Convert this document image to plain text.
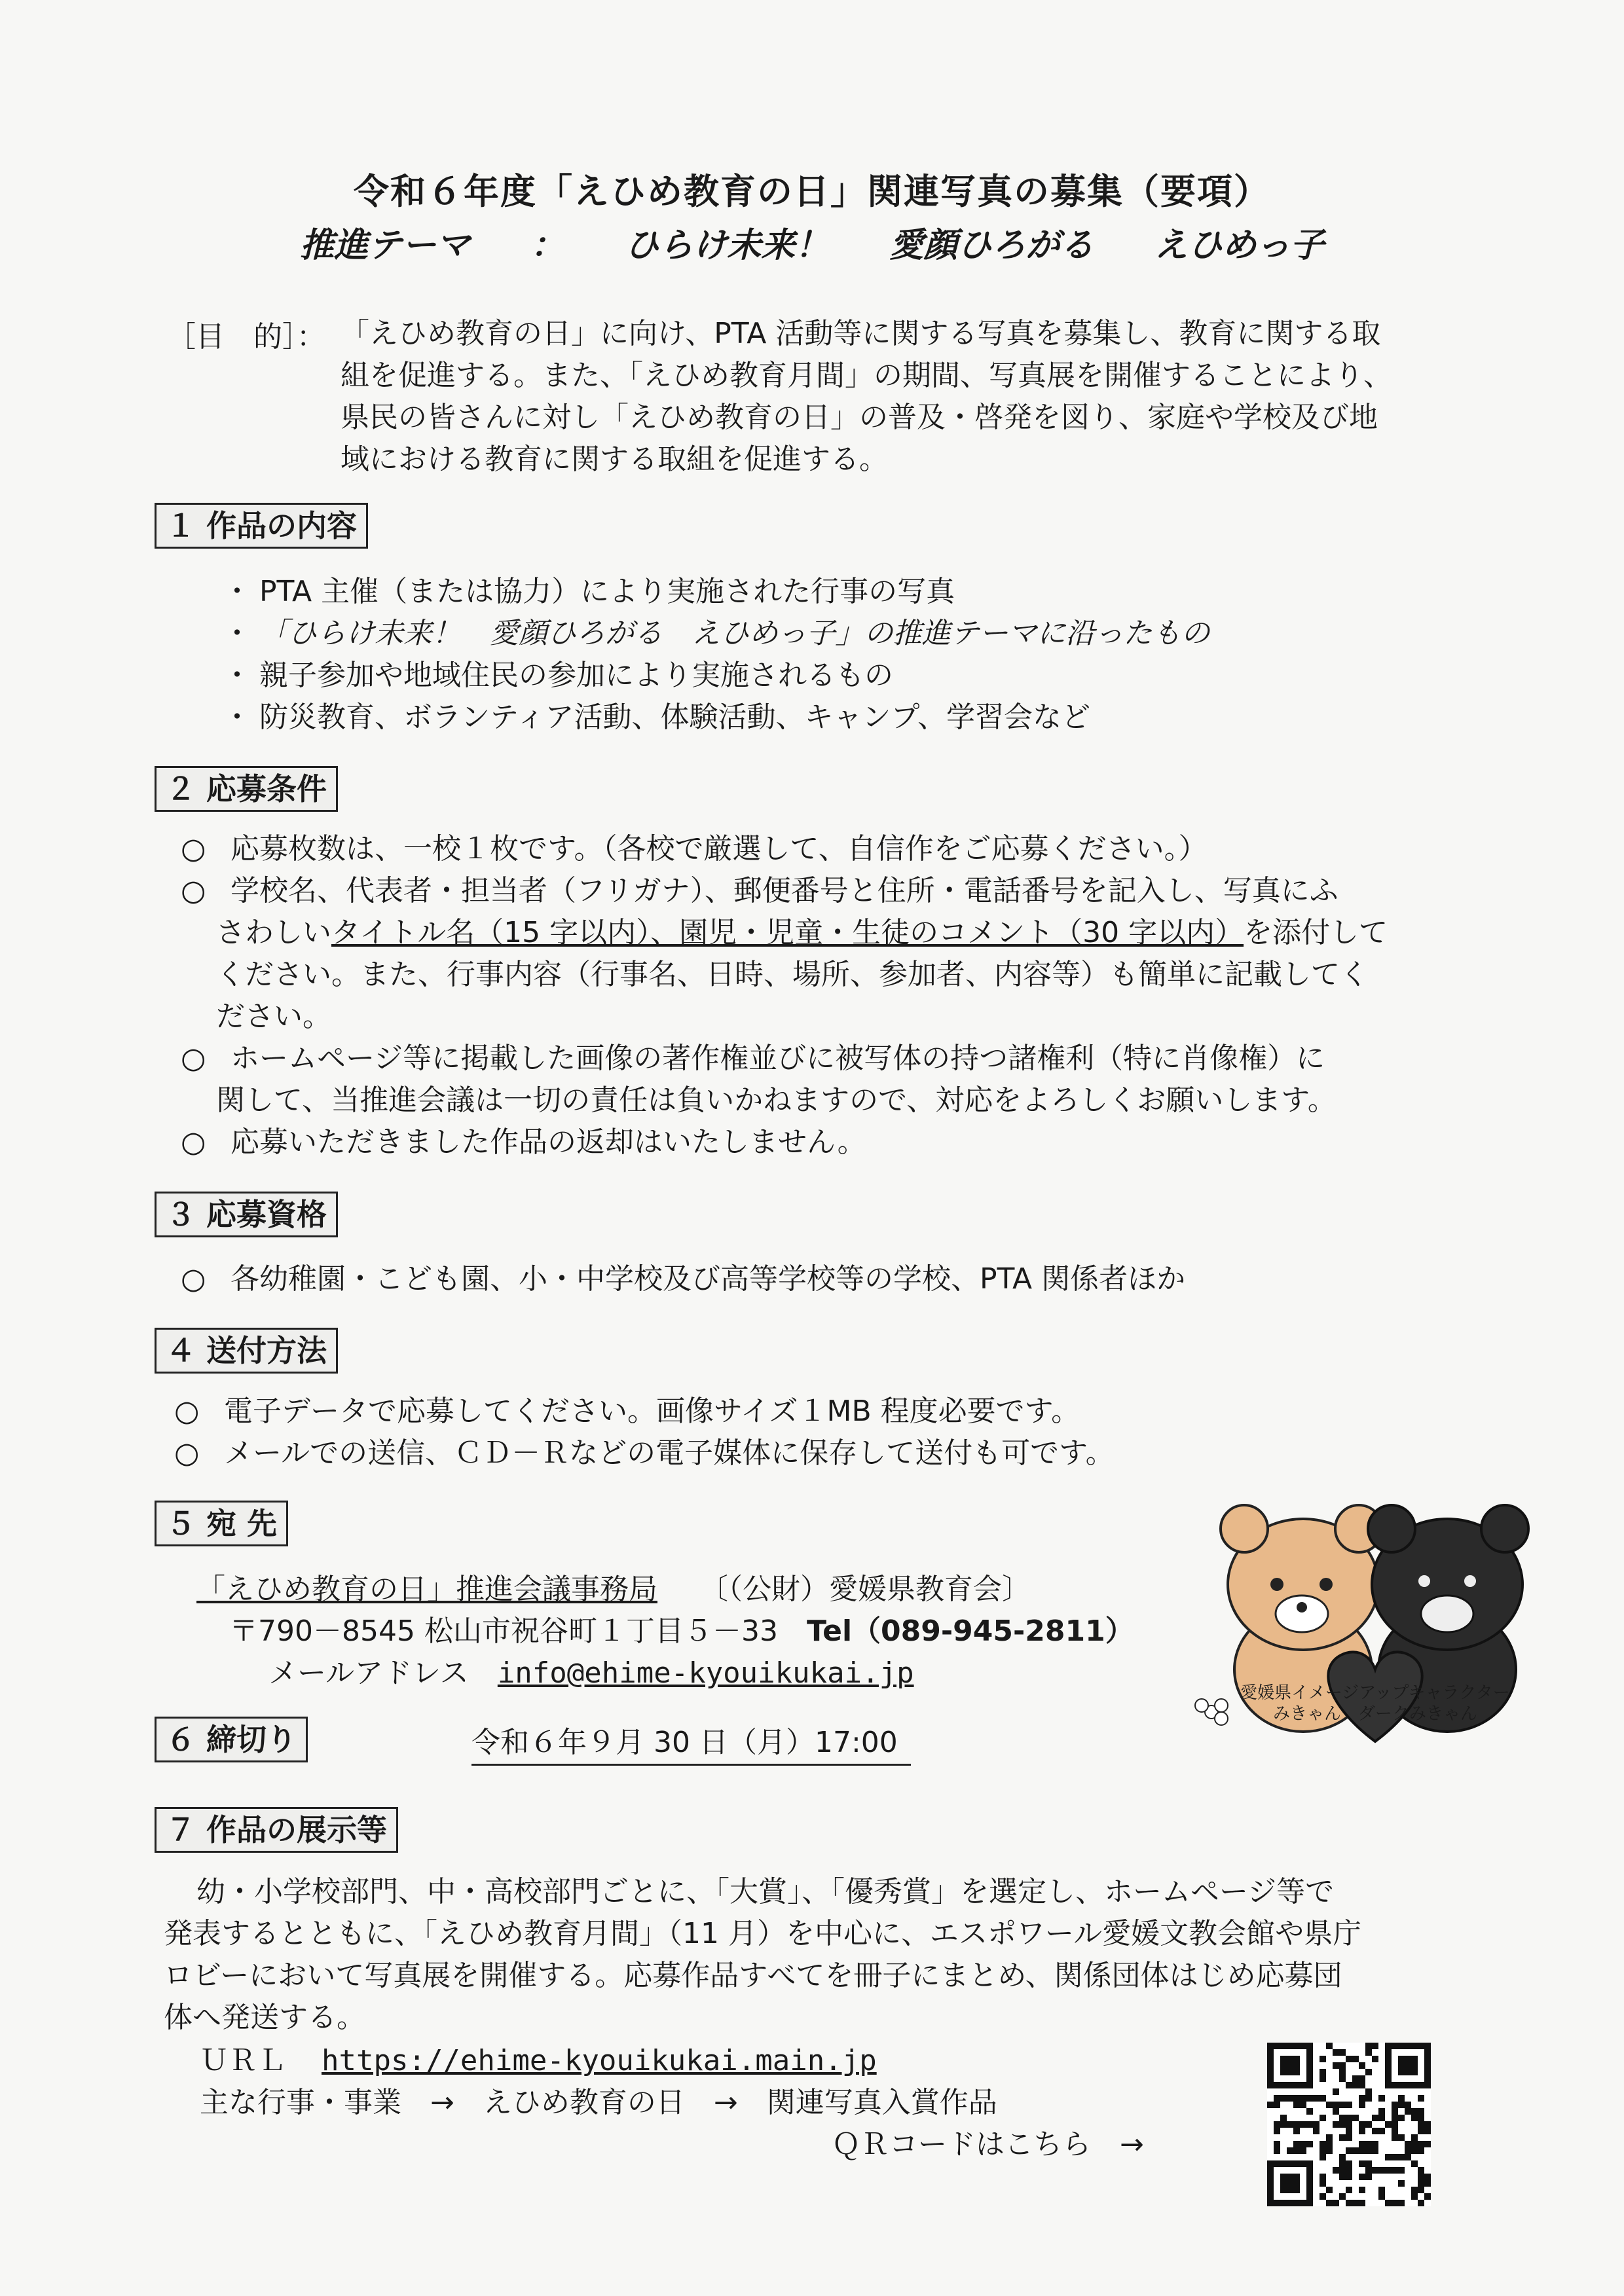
令和６年度「えひめ教育の日」関連写真の募集（要項）
推進テーマ ： ひらけ未来！ 愛顔ひろがる えひめっ子
［目　的］： 「えひめ教育の日」に向け、PTA 活動等に関する写真を募集し、教育に関する取
組を促進する。また、「えひめ教育月間」の期間、写真展を開催することにより、
県民の皆さんに対し「えひめ教育の日」の普及・啓発を図り、家庭や学校及び地
域における教育に関する取組を促進する。
１ 作品の内容
・ PTA 主催（または協力）により実施された行事の写真
・ 「ひらけ未来！　愛顔ひろがる　えひめっ子」の推進テーマに沿ったもの
・ 親子参加や地域住民の参加により実施されるもの
・ 防災教育、ボランティア活動、体験活動、キャンプ、学習会など
２ 応募条件
○ 応募枚数は、一校１枚です。（各校で厳選して、自信作をご応募ください。）
○ 学校名、代表者・担当者（フリガナ）、郵便番号と住所・電話番号を記入し、写真にふ
さわしいタイトル名（15 字以内）、園児・児童・生徒のコメント（30 字以内）を添付して
ください。また、行事内容（行事名、日時、場所、参加者、内容等）も簡単に記載してく
ださい。
○ ホームページ等に掲載した画像の著作権並びに被写体の持つ諸権利（特に肖像権）に
関して、当推進会議は一切の責任は負いかねますので、対応をよろしくお願いします。
○ 応募いただきました作品の返却はいたしません。
３ 応募資格
○ 各幼稚園・こども園、小・中学校及び高等学校等の学校、PTA 関係者ほか
４ 送付方法
○ 電子データで応募してください。画像サイズ１MB 程度必要です。
○ メールでの送信、ＣＤ－Ｒなどの電子媒体に保存して送付も可です。
５ 宛 先
「えひめ教育の日」推進会議事務局 〔（公財）愛媛県教育会〕
〒790－8545 松山市祝谷町１丁目５－33 Tel（089-945-2811）
メールアドレス info@ehime-kyouikukai.jp
愛媛県イメージアップキャラクター
みきゃん　ダークみきゃん
６ 締切り	令和６年９月 30 日（月）17:00
７ 作品の展示等
幼・小学校部門、中・高校部門ごとに、「大賞」、「優秀賞」を選定し、ホームページ等で
発表するとともに、「えひめ教育月間」（11 月）を中心に、エスポワール愛媛文教会館や県庁
ロビーにおいて写真展を開催する。応募作品すべてを冊子にまとめ、関係団体はじめ応募団
体へ発送する。
ＵＲＬ https://ehime-kyouikukai.main.jp
主な行事・事業 → えひめ教育の日 → 関連写真入賞作品
ＱＲコードはこちら　→
